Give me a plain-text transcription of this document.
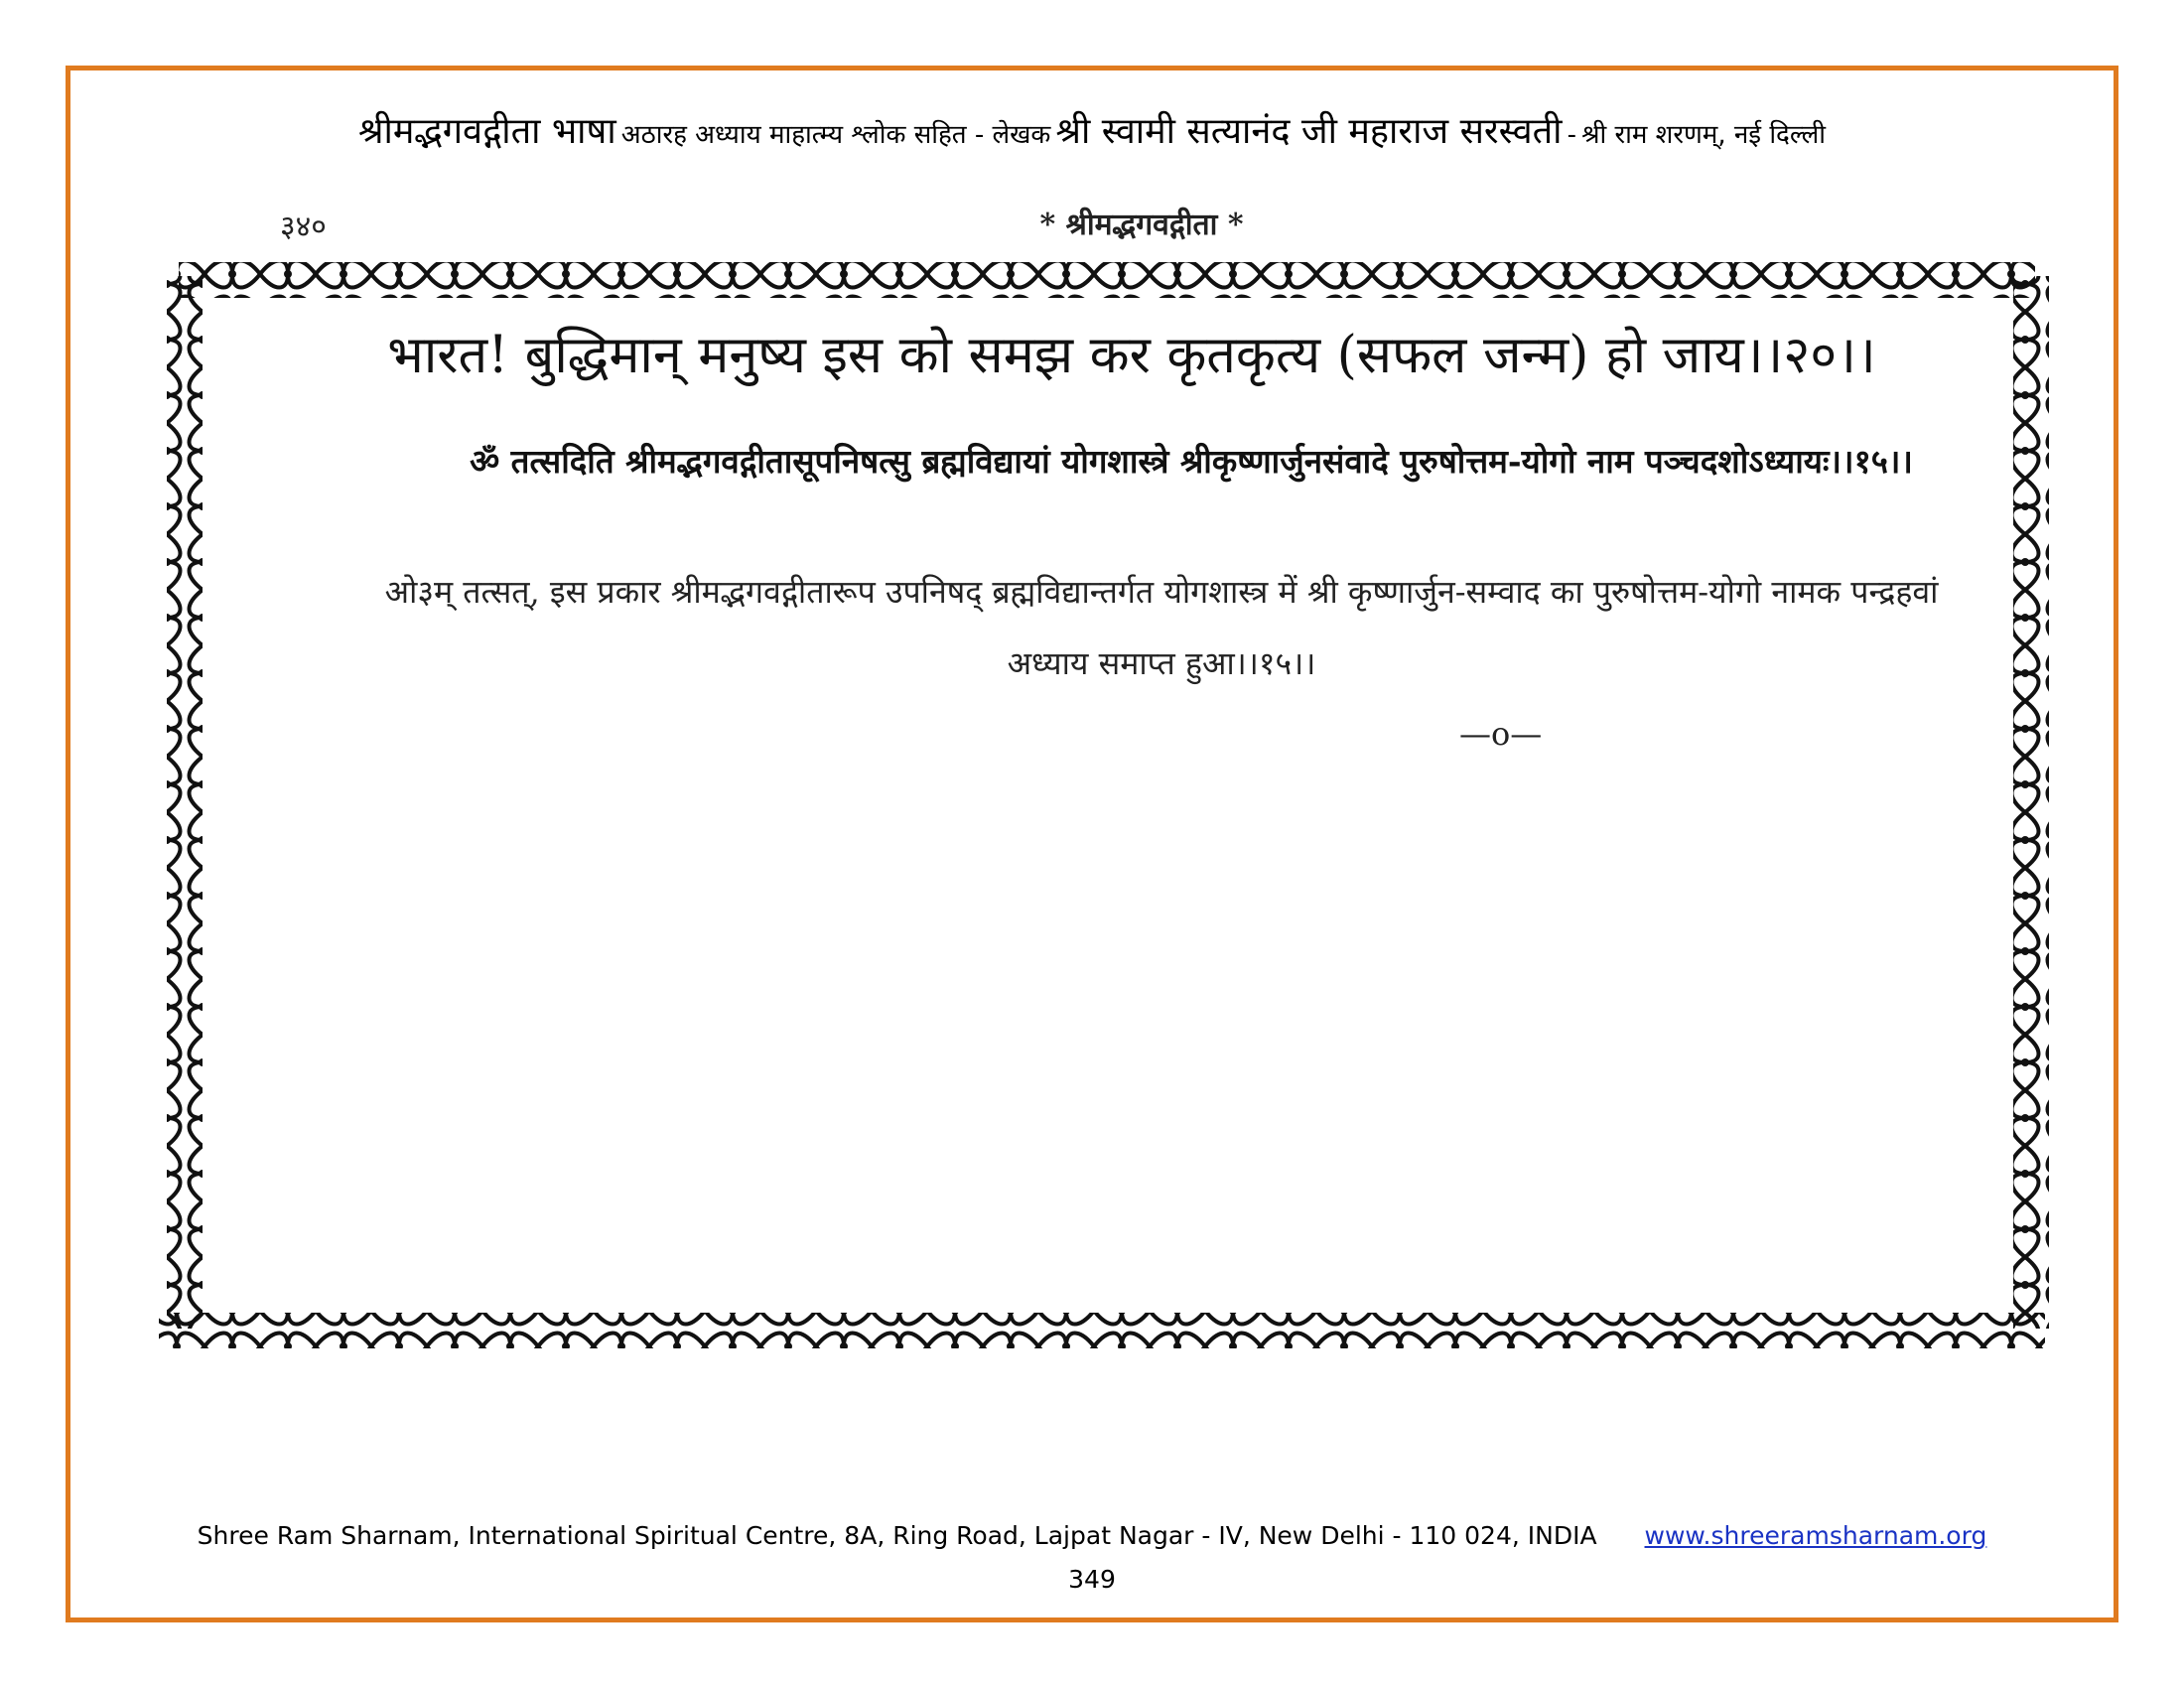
श्रीमद्भगवद्गीता भाषा अठारह अध्याय माहात्म्य श्लोक सहित - लेखक श्री स्वामी सत्यानंद जी महाराज सरस्वती - श्री राम शरणम्, नई दिल्ली
३४०	* श्रीमद्भगवद्गीता *
भारत! बुद्धिमान् मनुष्य इस को समझ कर कृतकृत्य (सफल जन्म) हो जाय।।२०।।
ॐ तत्सदिति श्रीमद्भगवद्गीतासूपनिषत्सु ब्रह्मविद्यायां योगशास्त्रे श्रीकृष्णार्जुनसंवादे पुरुषोत्तम-योगो नाम पञ्चदशोऽध्यायः।।१५।।
ओ३म् तत्सत्, इस प्रकार श्रीमद्भगवद्गीतारूप उपनिषद् ब्रह्मविद्यान्तर्गत योगशास्त्र में श्री कृष्णार्जुन-सम्वाद का पुरुषोत्तम-योगो नामक पन्द्रहवां अध्याय समाप्त हुआ।।१५।।
—o—
Shree Ram Sharnam, International Spiritual Centre, 8A, Ring Road, Lajpat Nagar - IV, New Delhi - 110 024, INDIA www.shreeramsharnam.org
349
